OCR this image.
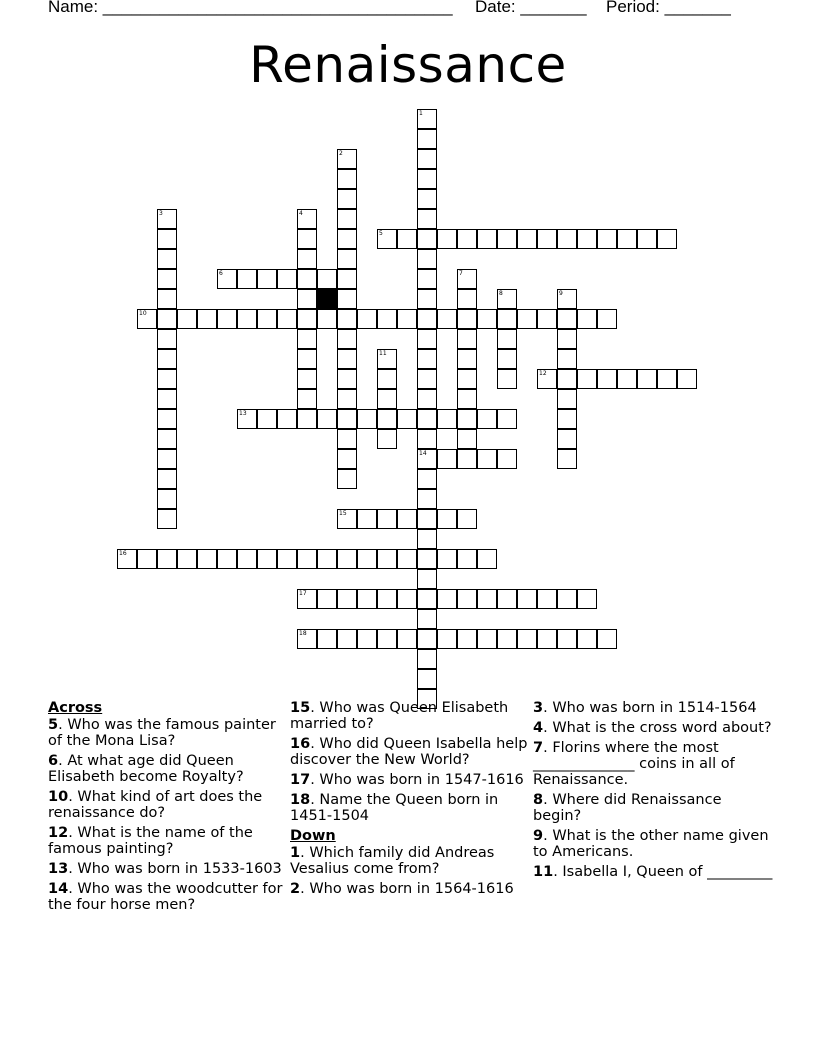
Name: _____________________________________ Date: _______ Period: _______
Renaissance
1
14
2
3	4
5
6	7
8	9
10
11
12
13
15
16
17
18
Across
5. Who was the famous painter of the Mona Lisa?
6. At what age did Queen Elisabeth become Royalty?
10. What kind of art does the renaissance do?
12. What is the name of the famous painting?
13. Who was born in 1533-1603
14. Who was the woodcutter for the four horse men?
15. Who was Queen Elisabeth married to?
16. Who did Queen Isabella help discover the New World?
17. Who was born in 1547-1616
18. Name the Queen born in 1451-1504
Down
1. Which family did Andreas Vesalius come from?
2. Who was born in 1564-1616
3. Who was born in 1514-1564
4. What is the cross word about?
7. Florins where the most ______________ coins in all of Renaissance.
8. Where did Renaissance begin?
9. What is the other name given to Americans.
11. Isabella I, Queen of _________
